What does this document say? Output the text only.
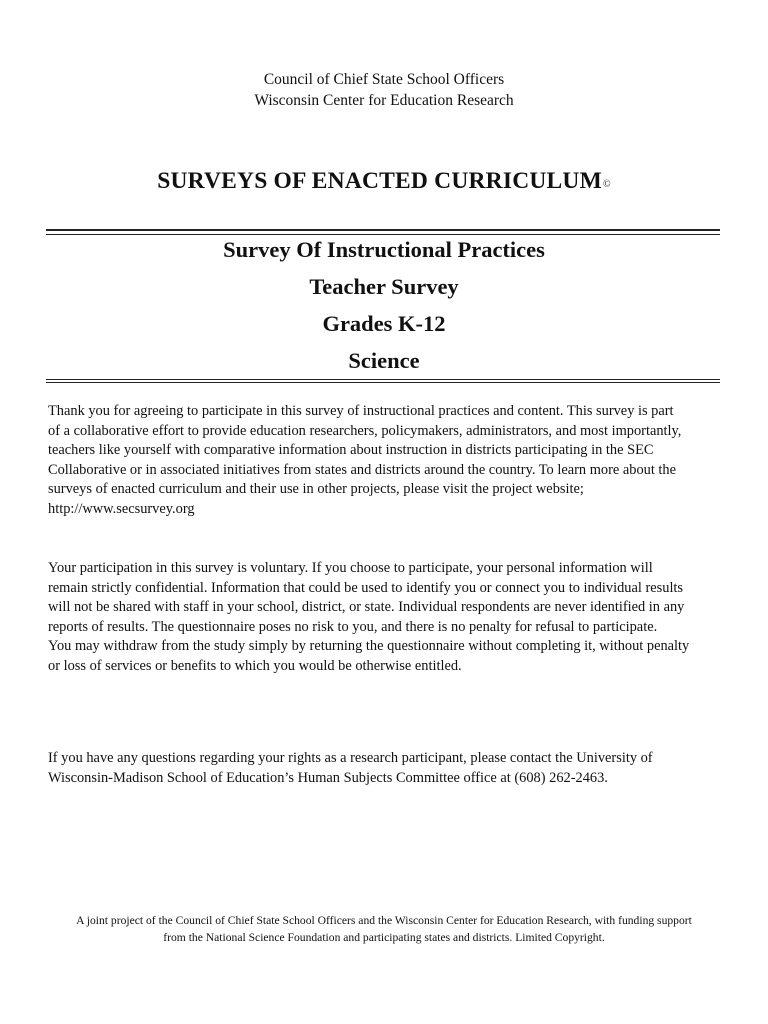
Council of Chief State School Officers
Wisconsin Center for Education Research
SURVEYS OF ENACTED CURRICULUM©
Survey Of Instructional Practices
Teacher Survey
Grades K-12
Science
Thank you for agreeing to participate in this survey of instructional practices and content. This survey is part
of a collaborative effort to provide education researchers, policymakers, administrators, and most importantly,
teachers like yourself with comparative information about instruction in districts participating in the SEC
Collaborative or in associated initiatives from states and districts around the country. To learn more about the
surveys of enacted curriculum and their use in other projects, please visit the project website;
http://www.secsurvey.org
Your participation in this survey is voluntary. If you choose to participate, your personal information will
remain strictly confidential. Information that could be used to identify you or connect you to individual results
will not be shared with staff in your school, district, or state. Individual respondents are never identified in any
reports of results. The questionnaire poses no risk to you, and there is no penalty for refusal to participate.
You may withdraw from the study simply by returning the questionnaire without completing it, without penalty
or loss of services or benefits to which you would be otherwise entitled.
If you have any questions regarding your rights as a research participant, please contact the University of
Wisconsin-Madison School of Education’s Human Subjects Committee office at (608) 262-2463.
A joint project of the Council of Chief State School Officers and the Wisconsin Center for Education Research, with funding support
from the National Science Foundation and participating states and districts. Limited Copyright.
